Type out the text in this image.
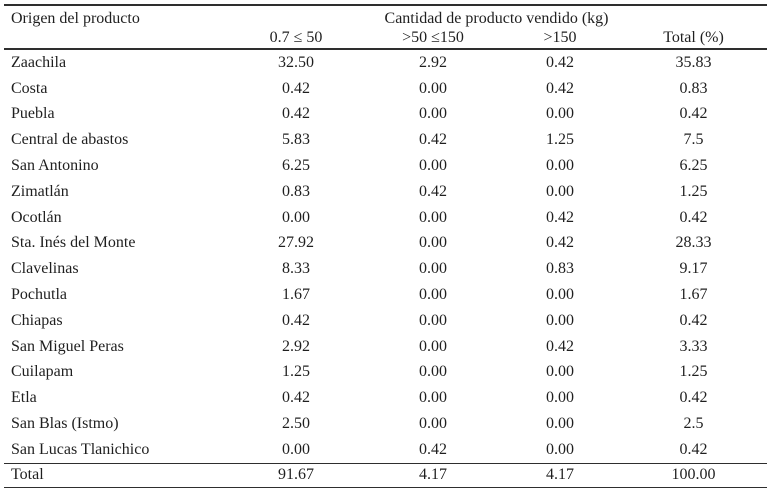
Origen del producto	Cantidad de producto vendido (kg)			
	0.7 ≤ 50	>50 ≤150	>150	Total (%)
Zaachila	32.50	2.92	0.42	35.83
Costa	0.42	0.00	0.42	0.83
Puebla	0.42	0.00	0.00	0.42
Central de abastos	5.83	0.42	1.25	7.5
San Antonino	6.25	0.00	0.00	6.25
Zimatlán	0.83	0.42	0.00	1.25
Ocotlán	0.00	0.00	0.42	0.42
Sta. Inés del Monte	27.92	0.00	0.42	28.33
Clavelinas	8.33	0.00	0.83	9.17
Pochutla	1.67	0.00	0.00	1.67
Chiapas	0.42	0.00	0.00	0.42
San Miguel Peras	2.92	0.00	0.42	3.33
Cuilapam	1.25	0.00	0.00	1.25
Etla	0.42	0.00	0.00	0.42
San Blas (Istmo)	2.50	0.00	0.00	2.5
San Lucas Tlanichico	0.00	0.42	0.00	0.42
Total	91.67	4.17	4.17	100.00
